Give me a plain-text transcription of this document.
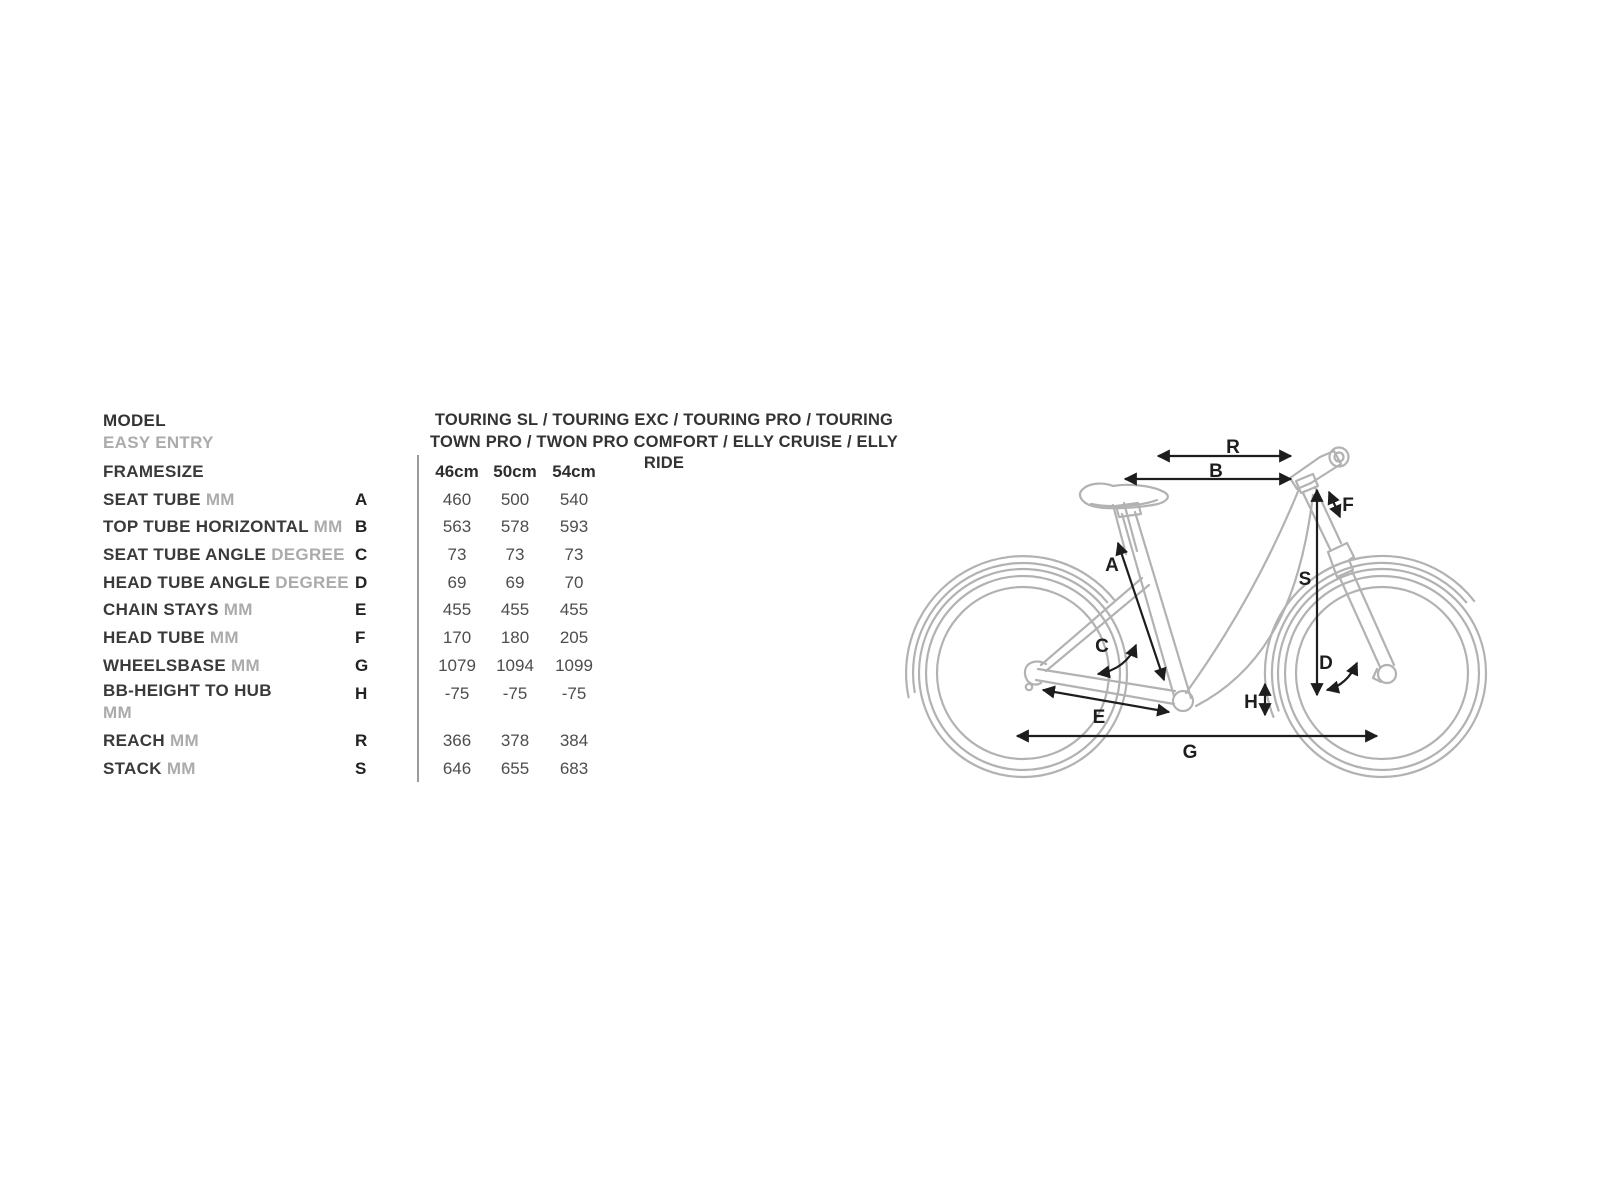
MODEL
EASY ENTRY
TOURING SL / TOURING EXC / TOURING PRO / TOURING
TOWN PRO / TWON PRO COMFORT / ELLY CRUISE / ELLY RIDE
FRAMESIZE	46cm 50cm 54cm
SEAT TUBE MM	A	460	500	540
TOP TUBE HORIZONTAL MM B	563	578	593
SEAT TUBE ANGLE DEGREE C	73	73	73
HEAD TUBE ANGLE DEGREE D	69	69	70
CHAIN STAYS MM	E	455	455	455
HEAD TUBE MM	F	170	180	205
WHEELSBASE MM	G	1079	1094	1099
BB-HEIGHT TO HUB
MM
H	-75	-75	-75
REACH MM	R	366	378	384
STACK MM	S	646	655	683
R
B
F
A
S
C
D
H
E
G
